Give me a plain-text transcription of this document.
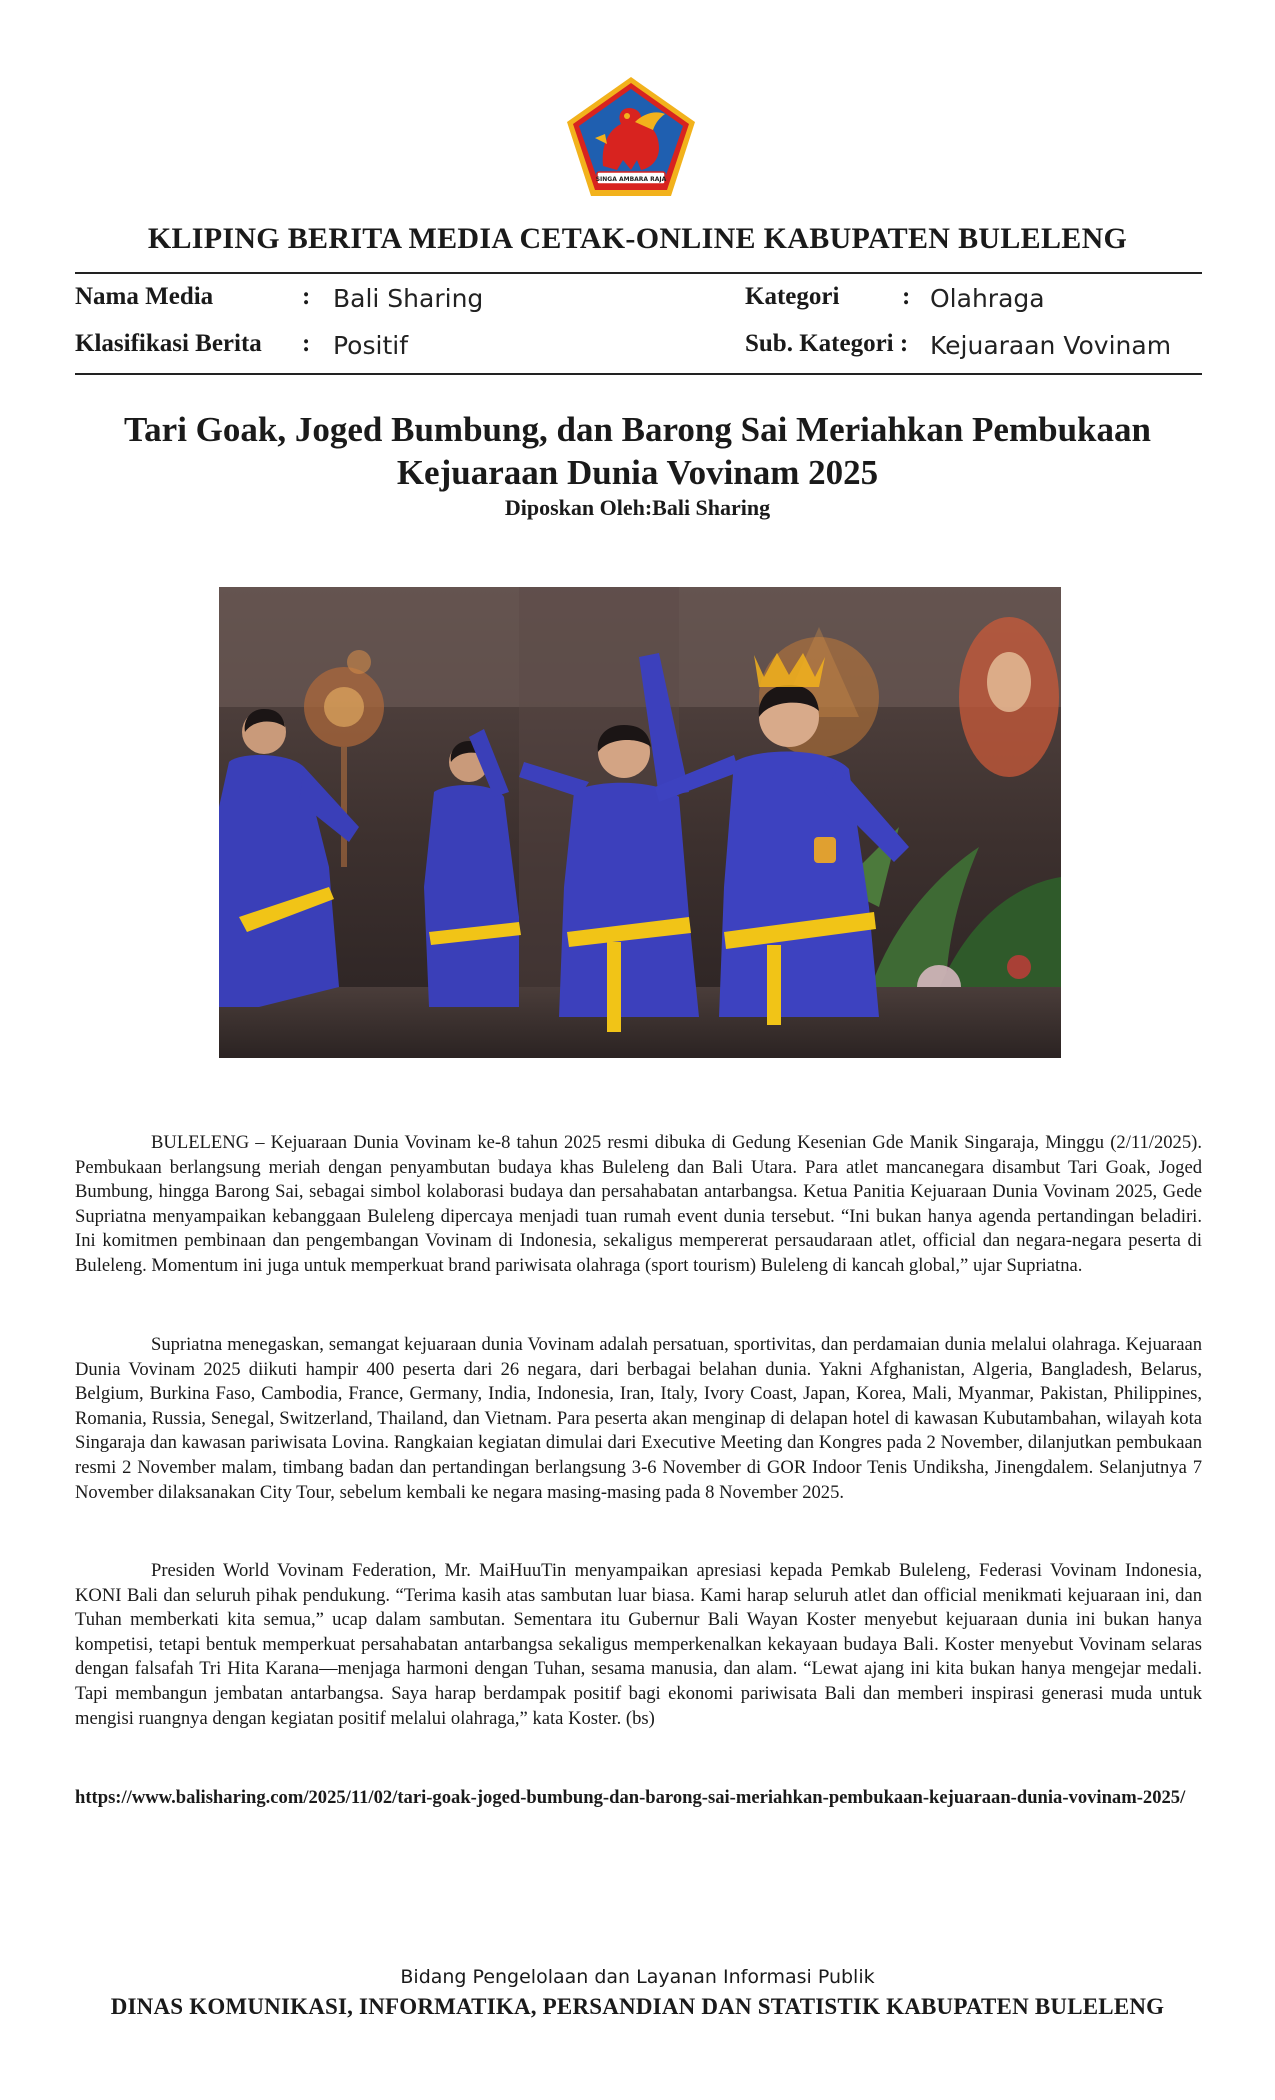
SINGA AMBARA RAJA
KLIPING BERITA MEDIA CETAK-ONLINE KABUPATEN BULELENG
Nama Media	: Bali Sharing	Kategori	: Olahraga
Klasifikasi Berita : Positif	Sub. Kategori : Kejuaraan Vovinam
Tari Goak, Joged Bumbung, dan Barong Sai Meriahkan Pembukaan Kejuaraan Dunia Vovinam 2025
Diposkan Oleh:Bali Sharing

BULELENG – Kejuaraan Dunia Vovinam ke-8 tahun 2025 resmi dibuka di Gedung Kesenian Gde Manik Singaraja, Minggu (2/11/2025). Pembukaan berlangsung meriah dengan penyambutan budaya khas Buleleng dan Bali Utara. Para atlet mancanegara disambut Tari Goak, Joged Bumbung, hingga Barong Sai, sebagai simbol kolaborasi budaya dan persahabatan antarbangsa. Ketua Panitia Kejuaraan Dunia Vovinam 2025, Gede Supriatna menyampaikan kebanggaan Buleleng dipercaya menjadi tuan rumah event dunia tersebut. “Ini bukan hanya agenda pertandingan beladiri. Ini komitmen pembinaan dan pengembangan Vovinam di Indonesia, sekaligus mempererat persaudaraan atlet, official dan negara-negara peserta di Buleleng. Momentum ini juga untuk memperkuat brand pariwisata olahraga (sport tourism) Buleleng di kancah global,” ujar Supriatna.

Supriatna menegaskan, semangat kejuaraan dunia Vovinam adalah persatuan, sportivitas, dan perdamaian dunia melalui olahraga. Kejuaraan Dunia Vovinam 2025 diikuti hampir 400 peserta dari 26 negara, dari berbagai belahan dunia. Yakni Afghanistan, Algeria, Bangladesh, Belarus, Belgium, Burkina Faso, Cambodia, France, Germany, India, Indonesia, Iran, Italy, Ivory Coast, Japan, Korea, Mali, Myanmar, Pakistan, Philippines, Romania, Russia, Senegal, Switzerland, Thailand, dan Vietnam. Para peserta akan menginap di delapan hotel di kawasan Kubutambahan, wilayah kota Singaraja dan kawasan pariwisata Lovina. Rangkaian kegiatan dimulai dari Executive Meeting dan Kongres pada 2 November, dilanjutkan pembukaan resmi 2 November malam, timbang badan dan pertandingan berlangsung 3-6 November di GOR Indoor Tenis Undiksha, Jinengdalem. Selanjutnya 7 November dilaksanakan City Tour, sebelum kembali ke negara masing-masing pada 8 November 2025.

Presiden World Vovinam Federation, Mr. MaiHuuTin menyampaikan apresiasi kepada Pemkab Buleleng, Federasi Vovinam Indonesia, KONI Bali dan seluruh pihak pendukung. “Terima kasih atas sambutan luar biasa. Kami harap seluruh atlet dan official menikmati kejuaraan ini, dan Tuhan memberkati kita semua,” ucap dalam sambutan. Sementara itu Gubernur Bali Wayan Koster menyebut kejuaraan dunia ini bukan hanya kompetisi, tetapi bentuk memperkuat persahabatan antarbangsa sekaligus memperkenalkan kekayaan budaya Bali. Koster menyebut Vovinam selaras dengan falsafah Tri Hita Karana—menjaga harmoni dengan Tuhan, sesama manusia, dan alam. “Lewat ajang ini kita bukan hanya mengejar medali. Tapi membangun jembatan antarbangsa. Saya harap berdampak positif bagi ekonomi pariwisata Bali dan memberi inspirasi generasi muda untuk mengisi ruangnya dengan kegiatan positif melalui olahraga,” kata Koster. (bs)

https://www.balisharing.com/2025/11/02/tari-goak-joged-bumbung-dan-barong-sai-meriahkan-pembukaan-kejuaraan-dunia-vovinam-2025/
Bidang Pengelolaan dan Layanan Informasi Publik
DINAS KOMUNIKASI, INFORMATIKA, PERSANDIAN DAN STATISTIK KABUPATEN BULELENG
